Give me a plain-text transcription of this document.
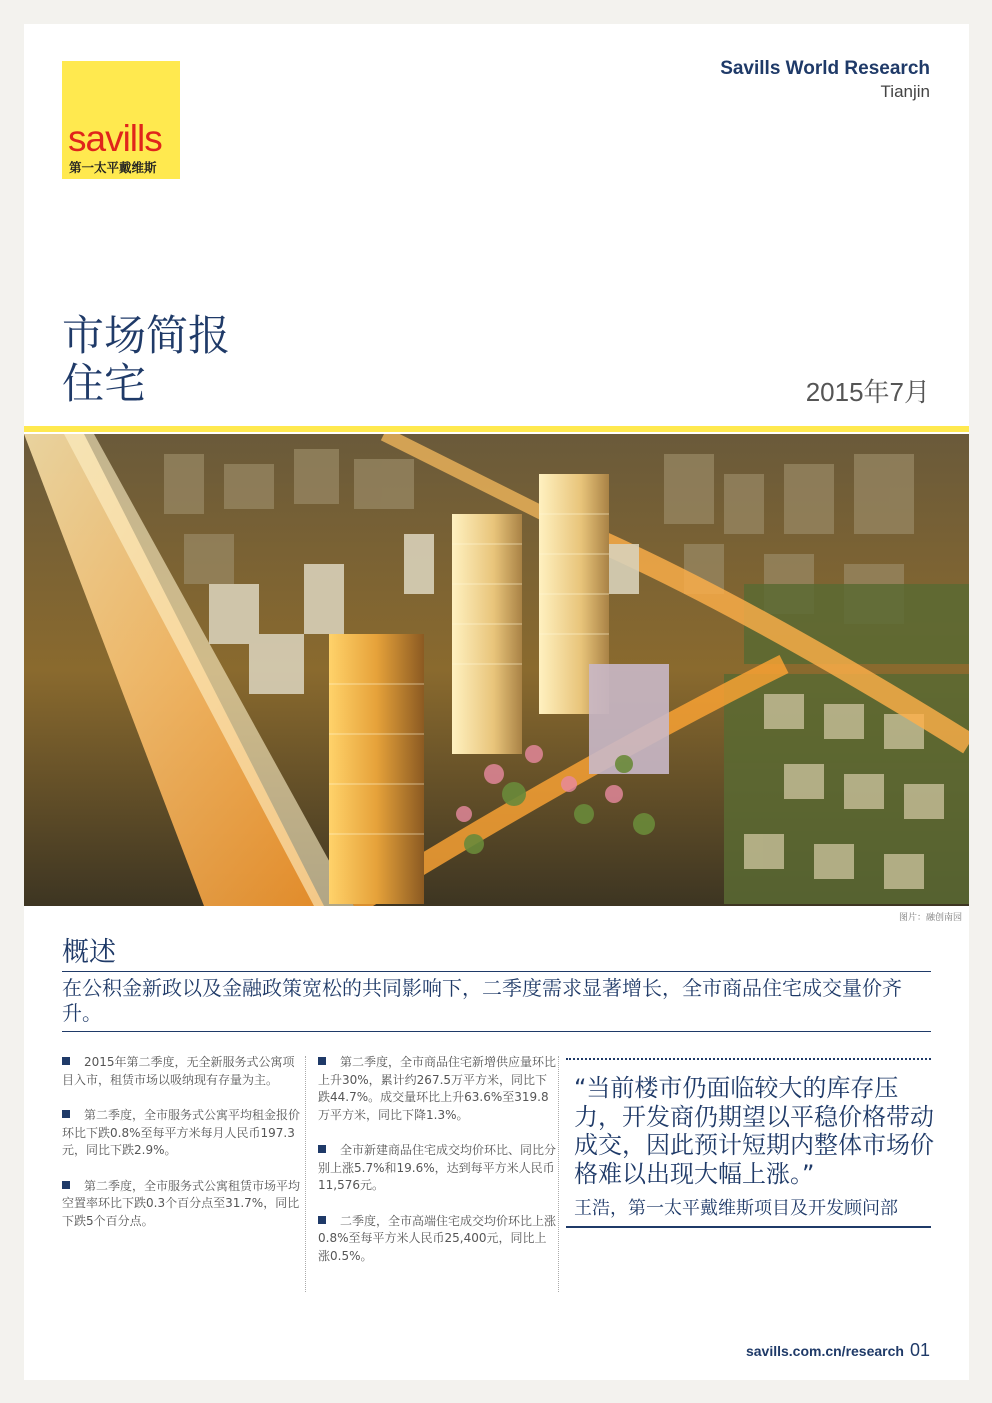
savills
第一太平戴维斯
Savills World Research
Tianjin
市场简报
住宅	2015年7月
图片：融创南园
概述
在公积金新政以及金融政策宽松的共同影响下，二季度需求显著增长，全市商品住宅成交量价齐升。

2015年第二季度，无全新服务式公寓项目入市，租赁市场以吸纳现有存量为主。

第二季度，全市服务式公寓平均租金报价环比下跌0.8%至每平方米每月人民币197.3元，同比下跌2.9%。

第二季度，全市服务式公寓租赁市场平均空置率环比下跌0.3个百分点至31.7%，同比下跌5个百分点。

第二季度，全市商品住宅新增供应量环比上升30%，累计约267.5万平方米，同比下跌44.7%。成交量环比上升63.6%至319.8万平方米，同比下降1.3%。

全市新建商品住宅成交均价环比、同比分别上涨5.7%和19.6%，达到每平方米人民币11,576元。

二季度，全市高端住宅成交均价环比上涨0.8%至每平方米人民币25,400元，同比上涨0.5%。

“当前楼市仍面临较大的库存压力，开发商仍期望以平稳价格带动成交，因此预计短期内整体市场价格难以出现大幅上涨。”
王浩，第一太平戴维斯项目及开发顾问部
savills.com.cn/research 01
